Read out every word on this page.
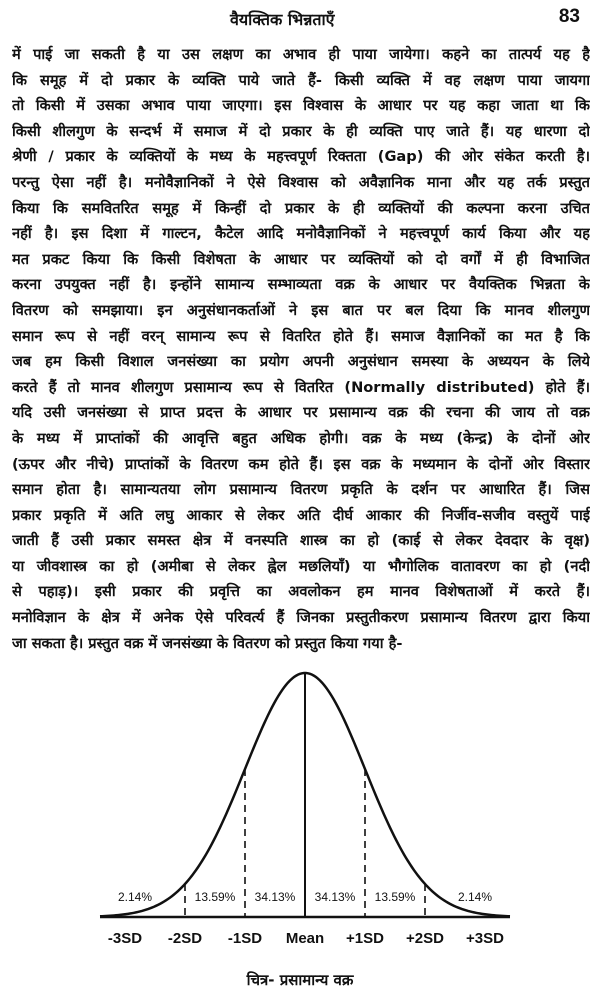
वैयक्तिक भिन्नताएँ	83
में पाई जा सकती है या उस लक्षण का अभाव ही पाया जायेगा। कहने का तात्पर्य यह है
कि समूह में दो प्रकार के व्यक्ति पाये जाते हैं- किसी व्यक्ति में वह लक्षण पाया जायगा
तो किसी में उसका अभाव पाया जाएगा। इस विश्वास के आधार पर यह कहा जाता था कि
किसी शीलगुण के सन्दर्भ में समाज में दो प्रकार के ही व्यक्ति पाए जाते हैं। यह धारणा दो
श्रेणी / प्रकार के व्यक्तियों के मध्य के महत्त्वपूर्ण रिक्तता (Gap) की ओर संकेत करती है।
परन्तु ऐसा नहीं है। मनोवैज्ञानिकों ने ऐसे विश्वास को अवैज्ञानिक माना और यह तर्क प्रस्तुत
किया कि समवितरित समूह में किन्हीं दो प्रकार के ही व्यक्तियों की कल्पना करना उचित
नहीं है। इस दिशा में गाल्टन, कैटेल आदि मनोवैज्ञानिकों ने महत्त्वपूर्ण कार्य किया और यह
मत प्रकट किया कि किसी विशेषता के आधार पर व्यक्तियों को दो वर्गों में ही विभाजित
करना उपयुक्त नहीं है। इन्होंने सामान्य सम्भाव्यता वक्र के आधार पर वैयक्तिक भिन्नता के
वितरण को समझाया। इन अनुसंधानकर्ताओं ने इस बात पर बल दिया कि मानव शीलगुण
समान रूप से नहीं वरन् सामान्य रूप से वितरित होते हैं। समाज वैज्ञानिकों का मत है कि
जब हम किसी विशाल जनसंख्या का प्रयोग अपनी अनुसंधान समस्या के अध्ययन के लिये
करते हैं तो मानव शीलगुण प्रसामान्य रूप से वितरित (Normally distributed) होते हैं।
यदि उसी जनसंख्या से प्राप्त प्रदत्त के आधार पर प्रसामान्य वक्र की रचना की जाय तो वक्र
के मध्य में प्राप्तांकों की आवृत्ति बहुत अधिक होगी। वक्र के मध्य (केन्द्र) के दोनों ओर
(ऊपर और नीचे) प्राप्तांकों के वितरण कम होते हैं। इस वक्र के मध्यमान के दोनों ओर विस्तार
समान होता है। सामान्यतया लोग प्रसामान्य वितरण प्रकृति के दर्शन पर आधारित हैं। जिस
प्रकार प्रकृति में अति लघु आकार से लेकर अति दीर्घ आकार की निर्जीव-सजीव वस्तुयें पाई
जाती हैं उसी प्रकार समस्त क्षेत्र में वनस्पति शास्त्र का हो (काई से लेकर देवदार के वृक्ष)
या जीवशास्त्र का हो (अमीबा से लेकर ह्वेल मछलियाँ) या भौगोलिक वातावरण का हो (नदी
से पहाड़)। इसी प्रकार की प्रवृत्ति का अवलोकन हम मानव विशेषताओं में करते हैं।
मनोविज्ञान के क्षेत्र में अनेक ऐसे परिवर्त्य हैं जिनका प्रस्तुतीकरण प्रसामान्य वितरण द्वारा किया
जा सकता है। प्रस्तुत वक्र में जनसंख्या के वितरण को प्रस्तुत किया गया है-
2.14%	13.59% 34.13% 34.13% 13.59%	2.14%
-3SD -2SD -1SD Mean +1SD +2SD +3SD
चित्र- प्रसामान्य वक्र
